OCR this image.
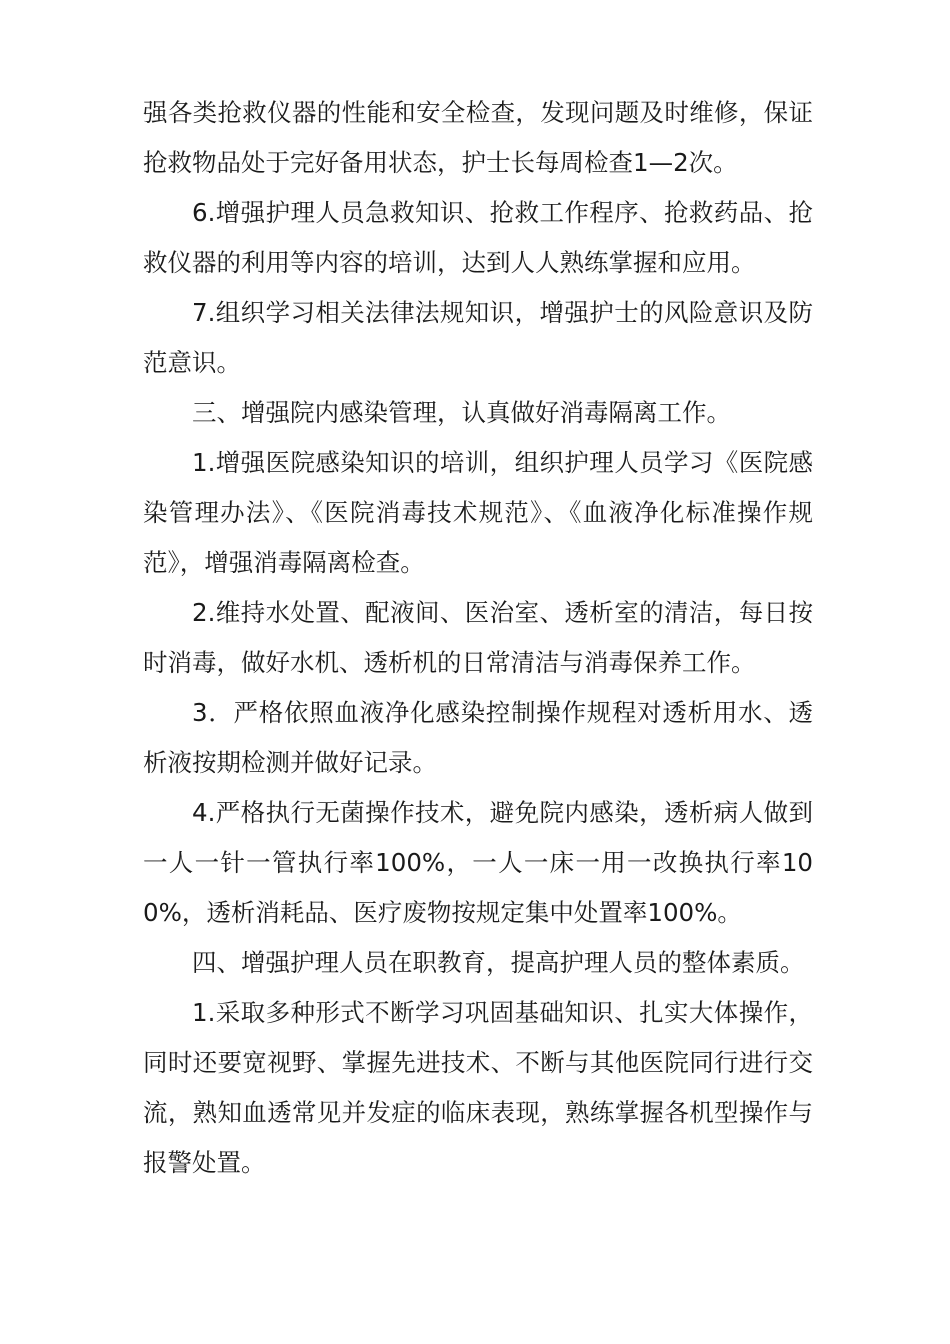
强各类抢救仪器的性能和安全检查，发现问题及时维修，保证抢救物品处于完好备用状态，护士长每周检查1—2次。

6.增强护理人员急救知识、抢救工作程序、抢救药品、抢救仪器的利用等内容的培训，达到人人熟练掌握和应用。

7.组织学习相关法律法规知识，增强护士的风险意识及防范意识。

三、增强院内感染管理，认真做好消毒隔离工作。

1.增强医院感染知识的培训，组织护理人员学习《医院感染管理办法》、《医院消毒技术规范》、《血液净化标准操作规范》，增强消毒隔离检查。

2.维持水处置、配液间、医治室、透析室的清洁，每日按时消毒，做好水机、透析机的日常清洁与消毒保养工作。

3．严格依照血液净化感染控制操作规程对透析用水、透析液按期检测并做好记录。

4.严格执行无菌操作技术，避免院内感染，透析病人做到一人一针一管执行率100%，一人一床一用一改换执行率100%，透析消耗品、医疗废物按规定集中处置率100%。

四、增强护理人员在职教育，提高护理人员的整体素质。

1.采取多种形式不断学习巩固基础知识、扎实大体操作，同时还要宽视野、掌握先进技术、不断与其他医院同行进行交流，熟知血透常见并发症的临床表现，熟练掌握各机型操作与报警处置。
